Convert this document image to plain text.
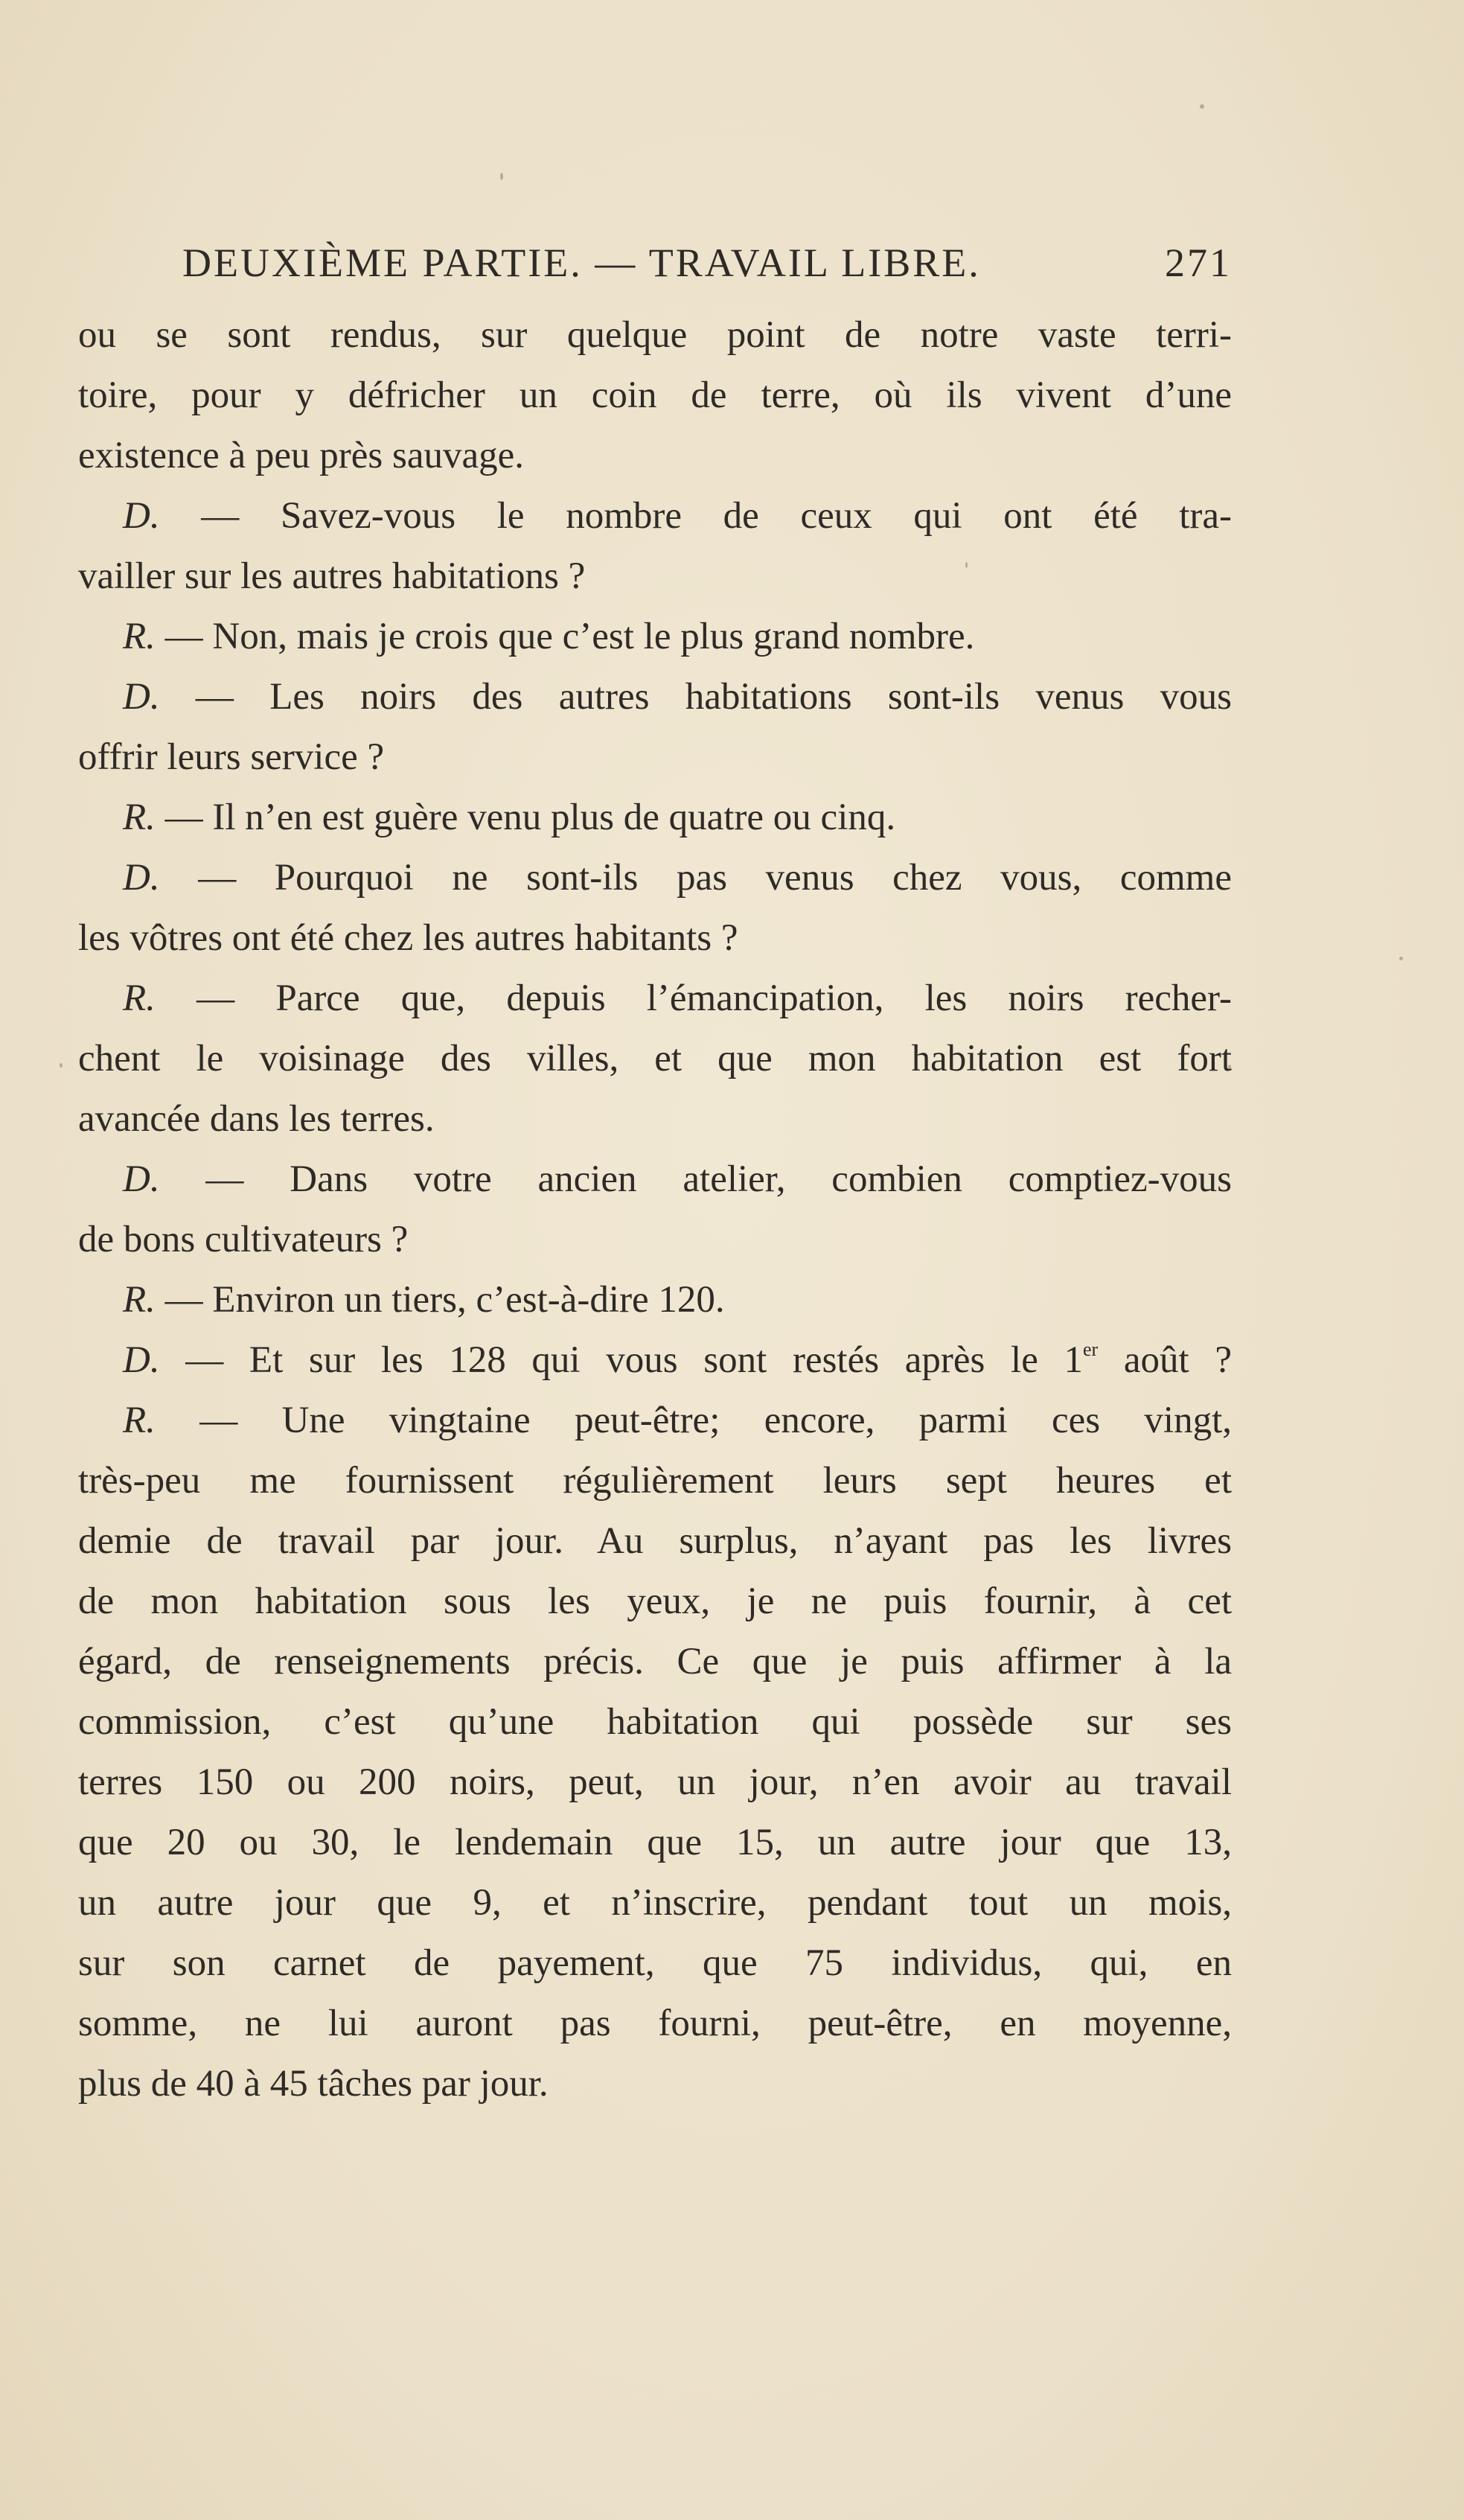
DEUXIÈME PARTIE. — TRAVAIL LIBRE.	271
ou se sont rendus, sur quelque point de notre vaste terri-
toire, pour y défricher un coin de terre, où ils vivent d’une
existence à peu près sauvage.
D. — Savez-vous le nombre de ceux qui ont été tra-
vailler sur les autres habitations ?
R. — Non, mais je crois que c’est le plus grand nombre.
D. — Les noirs des autres habitations sont-ils venus vous
offrir leurs service ?
R. — Il n’en est guère venu plus de quatre ou cinq.
D. — Pourquoi ne sont-ils pas venus chez vous, comme
les vôtres ont été chez les autres habitants ?
R. — Parce que, depuis l’émancipation, les noirs recher-
chent le voisinage des villes, et que mon habitation est fort
avancée dans les terres.
D. — Dans votre ancien atelier, combien comptiez-vous
de bons cultivateurs ?
R. — Environ un tiers, c’est-à-dire 120.
D. — Et sur les 128 qui vous sont restés après le 1er août ?
R. — Une vingtaine peut-être; encore, parmi ces vingt,
très-peu me fournissent régulièrement leurs sept heures et
demie de travail par jour. Au surplus, n’ayant pas les livres
de mon habitation sous les yeux, je ne puis fournir, à cet
égard, de renseignements précis. Ce que je puis affirmer à la
commission, c’est qu’une habitation qui possède sur ses
terres 150 ou 200 noirs, peut, un jour, n’en avoir au travail
que 20 ou 30, le lendemain que 15, un autre jour que 13,
un autre jour que 9, et n’inscrire, pendant tout un mois,
sur son carnet de payement, que 75 individus, qui, en
somme, ne lui auront pas fourni, peut-être, en moyenne,
plus de 40 à 45 tâches par jour.
